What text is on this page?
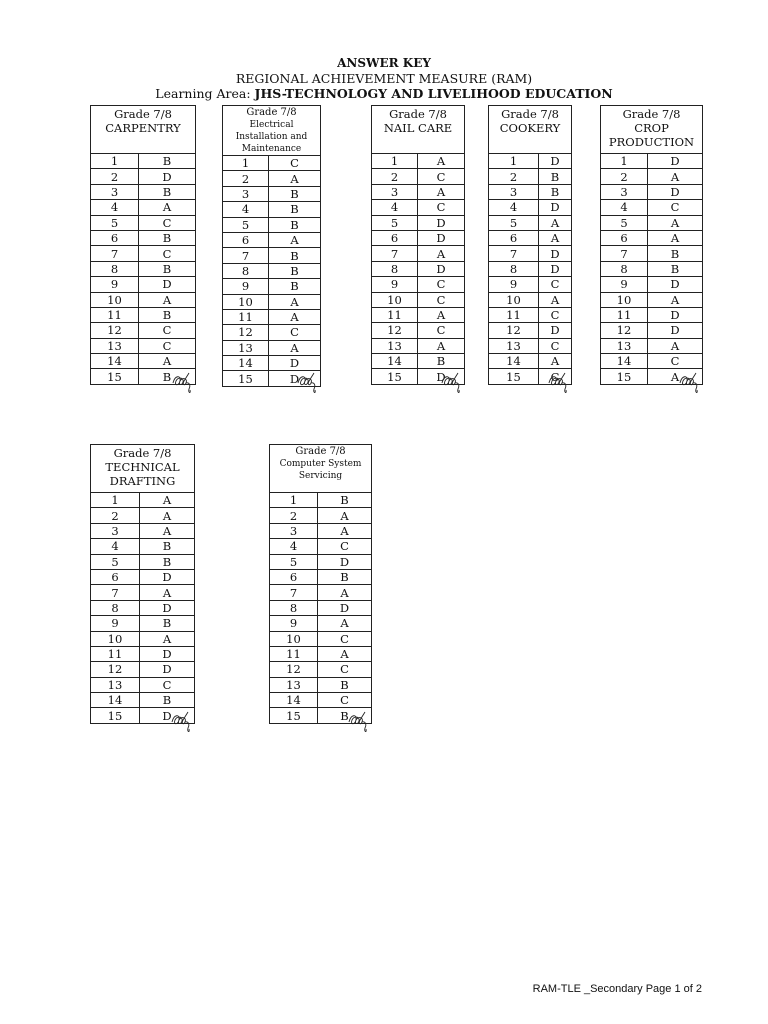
ANSWER KEY
REGIONAL ACHIEVEMENT MEASURE (RAM)
Learning Area: JHS-TECHNOLOGY AND LIVELIHOOD EDUCATION
Grade 7/8
CARPENTRY	

1	B
2	D
3	B
4	A
5	C
6	B
7	C
8	B
9	D
10	A
11	B
12	C
13	C
14	A
15	B
Grade 7/8
Electrical Installation and Maintenance	

1	C
2	A
3	B
4	B
5	B
6	A
7	B
8	B
9	B
10	A
11	A
12	C
13	A
14	D
15	D
Grade 7/8
NAIL CARE	

1	A
2	C
3	A
4	C
5	D
6	D
7	A
8	D
9	C
10	C
11	A
12	C
13	A
14	B
15	D
Grade 7/8
COOKERY	

1	D
2	B
3	B
4	D
5	A
6	A
7	D
8	D
9	C
10	A
11	C
12	D
13	C
14	A
15	C
Grade 7/8
CROP PRODUCTION	

1	D
2	A
3	D
4	C
5	A
6	A
7	B
8	B
9	D
10	A
11	D
12	D
13	A
14	C
15	A
Grade 7/8
TECHNICAL DRAFTING	

1	A
2	A
3	A
4	B
5	B
6	D
7	A
8	D
9	B
10	A
11	D
12	D
13	C
14	B
15	D
Grade 7/8
Computer System Servicing	

1	B
2	A
3	A
4	C
5	D
6	B
7	A
8	D
9	A
10	C
11	A
12	C
13	B
14	C
15	B
RAM-TLE _Secondary Page 1 of 2
